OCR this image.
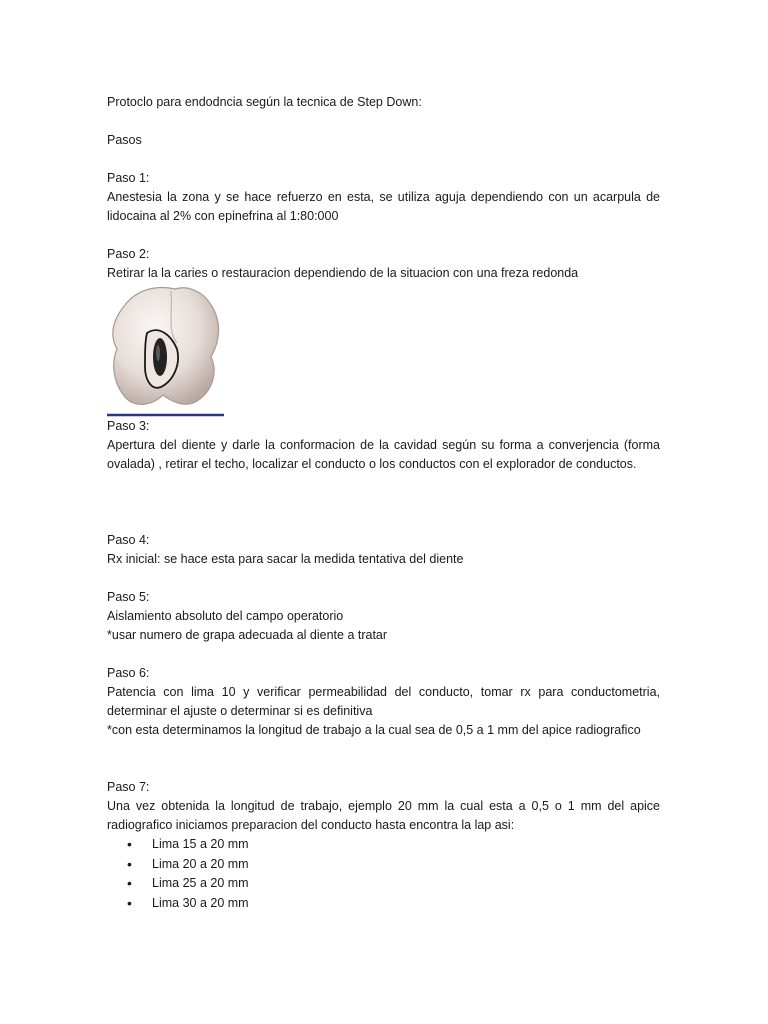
Protoclo para endodncia según la tecnica de Step Down:

Pasos

Paso 1:

Anestesia la zona y se hace refuerzo en esta, se utiliza aguja dependiendo con un acarpula de lidocaina al 2% con epinefrina al 1:80:000

Paso 2:

Retirar la la caries o restauracion dependiendo de la situacion con una freza redonda

Paso 3:

Apertura del diente y darle la conformacion de la cavidad según su forma a converjencia (forma ovalada) , retirar el techo, localizar el conducto o los conductos con el explorador de conductos.

Paso 4:

Rx inicial: se hace esta para sacar la medida tentativa del diente

Paso 5:

Aislamiento absoluto del campo operatorio

*usar numero de grapa adecuada al diente a tratar

Paso 6:

Patencia con lima 10 y verificar permeabilidad del conducto, tomar rx para conductometria, determinar el ajuste o determinar si es definitiva

*con esta determinamos la longitud de trabajo a la cual sea de 0,5 a 1 mm del apice radiografico

Paso 7:

Una vez obtenida la longitud de trabajo, ejemplo 20 mm la cual esta a 0,5 o 1 mm del apice radiografico iniciamos preparacion del conducto hasta encontra la lap asi:

• Lima 15 a 20 mm
• Lima 20 a 20 mm
• Lima 25 a 20 mm
• Lima 30 a 20 mm
